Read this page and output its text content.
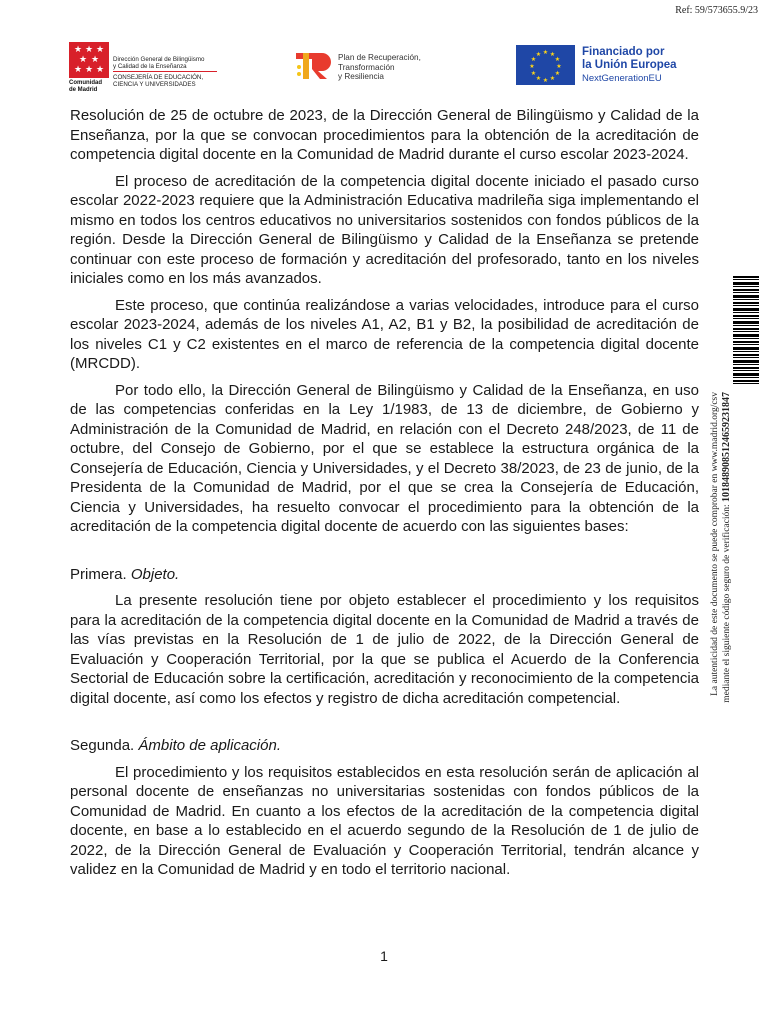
Ref: 59/573655.9/23
★ ★ ★
★ ★
★ ★ ★
Comunidad
de Madrid
Dirección General de Bilingüismo
y Calidad de la Enseñanza
CONSEJERÍA DE EDUCACIÓN,
CIENCIA Y UNIVERSIDADES
Plan de Recuperación,
Transformación
y Resiliencia
★ ★
★
★
★
★
★
★
★
★
★
★	Financiado por
la Unión Europea
NextGenerationEU

Resolución de 25 de octubre de 2023, de la Dirección General de Bilingüismo y Calidad de la Enseñanza, por la que se convocan procedimientos para la obtención de la acreditación de competencia digital docente en la Comunidad de Madrid durante el curso escolar 2023-2024.

El proceso de acreditación de la competencia digital docente iniciado el pasado curso escolar 2022-2023 requiere que la Administración Educativa madrileña siga implementando el mismo en todos los centros educativos no universitarios sostenidos con fondos públicos de la región. Desde la Dirección General de Bilingüismo y Calidad de la Enseñanza se pretende continuar con este proceso de formación y acreditación del profesorado, tanto en los niveles iniciales como en los más avanzados.

Este proceso, que continúa realizándose a varias velocidades, introduce para el curso escolar 2023-2024, además de los niveles A1, A2, B1 y B2, la posibilidad de acreditación de los niveles C1 y C2 existentes en el marco de referencia de la competencia digital docente (MRCDD).

Por todo ello, la Dirección General de Bilingüismo y Calidad de la Enseñanza, en uso de las competencias conferidas en la Ley 1/1983, de 13 de diciembre, de Gobierno y Administración de la Comunidad de Madrid, en relación con el Decreto 248/2023, de 11 de octubre, del Consejo de Gobierno, por el que se establece la estructura orgánica de la Consejería de Educación, Ciencia y Universidades, y el Decreto 38/2023, de 23 de junio, de la Presidenta de la Comunidad de Madrid, por el que se crea la Consejería de Educación, Ciencia y Universidades, ha resuelto convocar el procedimiento para la obtención de la acreditación de la competencia digital docente de acuerdo con las siguientes bases:

Primera. Objeto.

La presente resolución tiene por objeto establecer el procedimiento y los requisitos para la acreditación de la competencia digital docente en la Comunidad de Madrid a través de las vías previstas en la Resolución de 1 de julio de 2022, de la Dirección General de Evaluación y Cooperación Territorial, por la que se publica el Acuerdo de la Conferencia Sectorial de Educación sobre la certificación, acreditación y reconocimiento de la competencia digital docente, así como los efectos y registro de dicha acreditación competencial.

Segunda. Ámbito de aplicación.

El procedimiento y los requisitos establecidos en esta resolución serán de aplicación al personal docente de enseñanzas no universitarias sostenidas con fondos públicos de la Comunidad de Madrid. En cuanto a los efectos de la acreditación de la competencia digital docente, en base a lo establecido en el acuerdo segundo de la Resolución de 1 de julio de 2022, de la Dirección General de Evaluación y Cooperación Territorial, tendrán alcance y validez en la Comunidad de Madrid y en todo el territorio nacional.

1
La autenticidad de este documento se puede comprobar en www.madrid.org/csv mediante el siguiente código seguro de verificación: 1018489085124659231847
